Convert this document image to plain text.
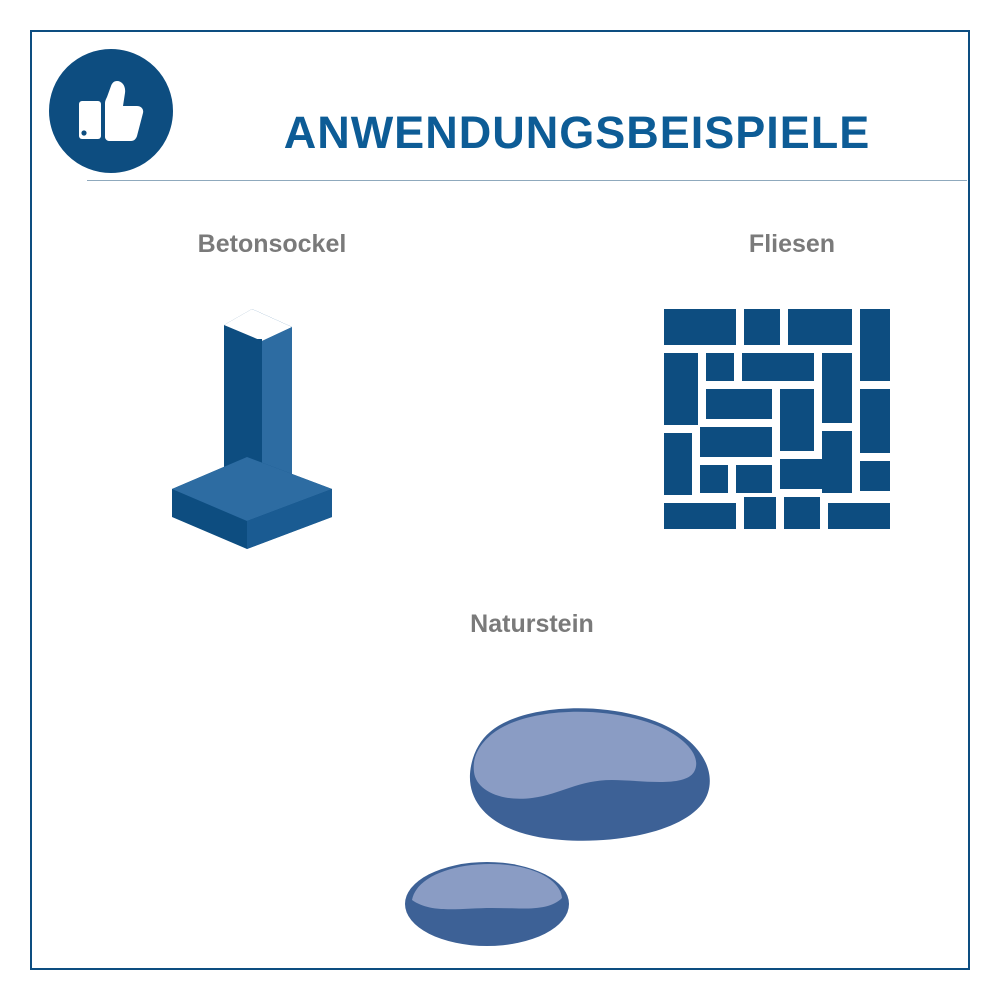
ANWENDUNGSBEISPIELE
Betonsockel	Fliesen
Naturstein
